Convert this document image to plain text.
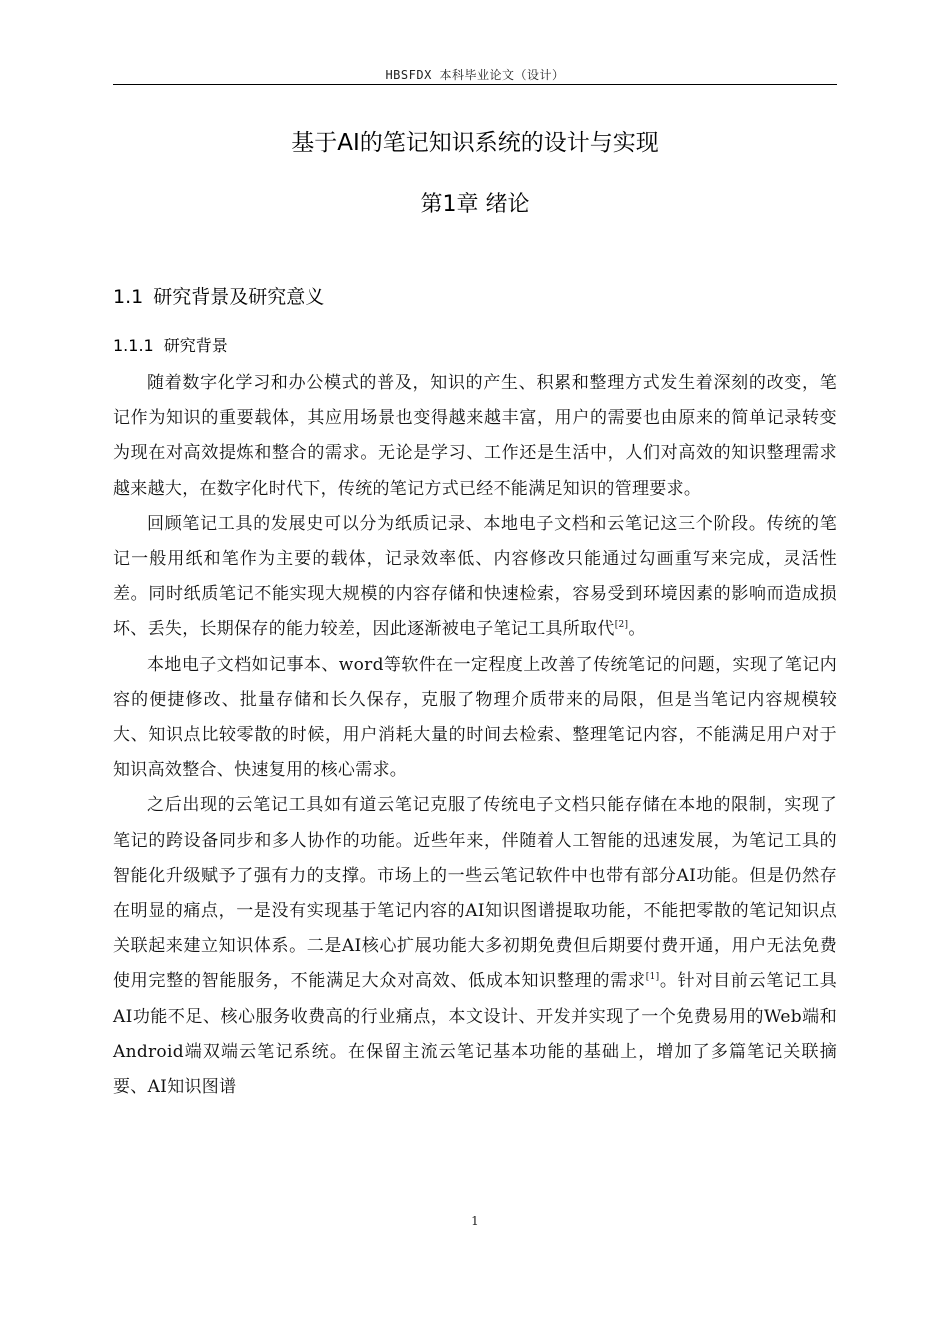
HBSFDX 本科毕业论文（设计）
基于AI的笔记知识系统的设计与实现
第1章 绪论
1.1 研究背景及研究意义
1.1.1 研究背景

随着数字化学习和办公模式的普及，知识的产生、积累和整理方式发生着深刻的改变，笔记作为知识的重要载体，其应用场景也变得越来越丰富，用户的需要也由原来的简单记录转变为现在对高效提炼和整合的需求。无论是学习、工作还是生活中，人们对高效的知识整理需求越来越大，在数字化时代下，传统的笔记方式已经不能满足知识的管理要求。

回顾笔记工具的发展史可以分为纸质记录、本地电子文档和云笔记这三个阶段。传统的笔记一般用纸和笔作为主要的载体，记录效率低、内容修改只能通过勾画重写来完成，灵活性差。同时纸质笔记不能实现大规模的内容存储和快速检索，容易受到环境因素的影响而造成损坏、丢失，长期保存的能力较差，因此逐渐被电子笔记工具所取代[2]。

本地电子文档如记事本、word等软件在一定程度上改善了传统笔记的问题，实现了笔记内容的便捷修改、批量存储和长久保存，克服了物理介质带来的局限，但是当笔记内容规模较大、知识点比较零散的时候，用户消耗大量的时间去检索、整理笔记内容，不能满足用户对于知识高效整合、快速复用的核心需求。

之后出现的云笔记工具如有道云笔记克服了传统电子文档只能存储在本地的限制，实现了笔记的跨设备同步和多人协作的功能。近些年来，伴随着人工智能的迅速发展，为笔记工具的智能化升级赋予了强有力的支撑。市场上的一些云笔记软件中也带有部分AI功能。但是仍然存在明显的痛点，一是没有实现基于笔记内容的AI知识图谱提取功能，不能把零散的笔记知识点关联起来建立知识体系。二是AI核心扩展功能大多初期免费但后期要付费开通，用户无法免费使用完整的智能服务，不能满足大众对高效、低成本知识整理的需求[1]。针对目前云笔记工具AI功能不足、核心服务收费高的行业痛点，本文设计、开发并实现了一个免费易用的Web端和Android端双端云笔记系统。在保留主流云笔记基本功能的基础上，增加了多篇笔记关联摘要、AI知识图谱

1
